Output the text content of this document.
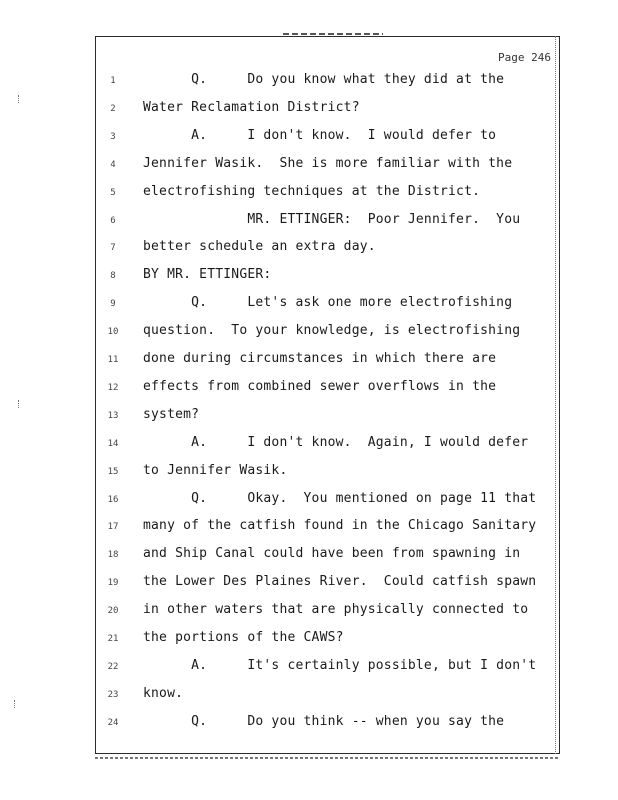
Page 246
1	Q.     Do you know what they did at the
2	Water Reclamation District?
3	A.     I don't know.  I would defer to
4	Jennifer Wasik.  She is more familiar with the
5	electrofishing techniques at the District.
6	MR. ETTINGER:  Poor Jennifer.  You
7	better schedule an extra day.
8	BY MR. ETTINGER:
9	Q.     Let's ask one more electrofishing
10	question.  To your knowledge, is electrofishing
11	done during circumstances in which there are
12	effects from combined sewer overflows in the
13	system?
14	A.     I don't know.  Again, I would defer
15	to Jennifer Wasik.
16	Q.     Okay.  You mentioned on page 11 that
17	many of the catfish found in the Chicago Sanitary
18	and Ship Canal could have been from spawning in
19	the Lower Des Plaines River.  Could catfish spawn
20	in other waters that are physically connected to
21	the portions of the CAWS?
22	A.     It's certainly possible, but I don't
23	know.
24	Q.     Do you think -- when you say the
